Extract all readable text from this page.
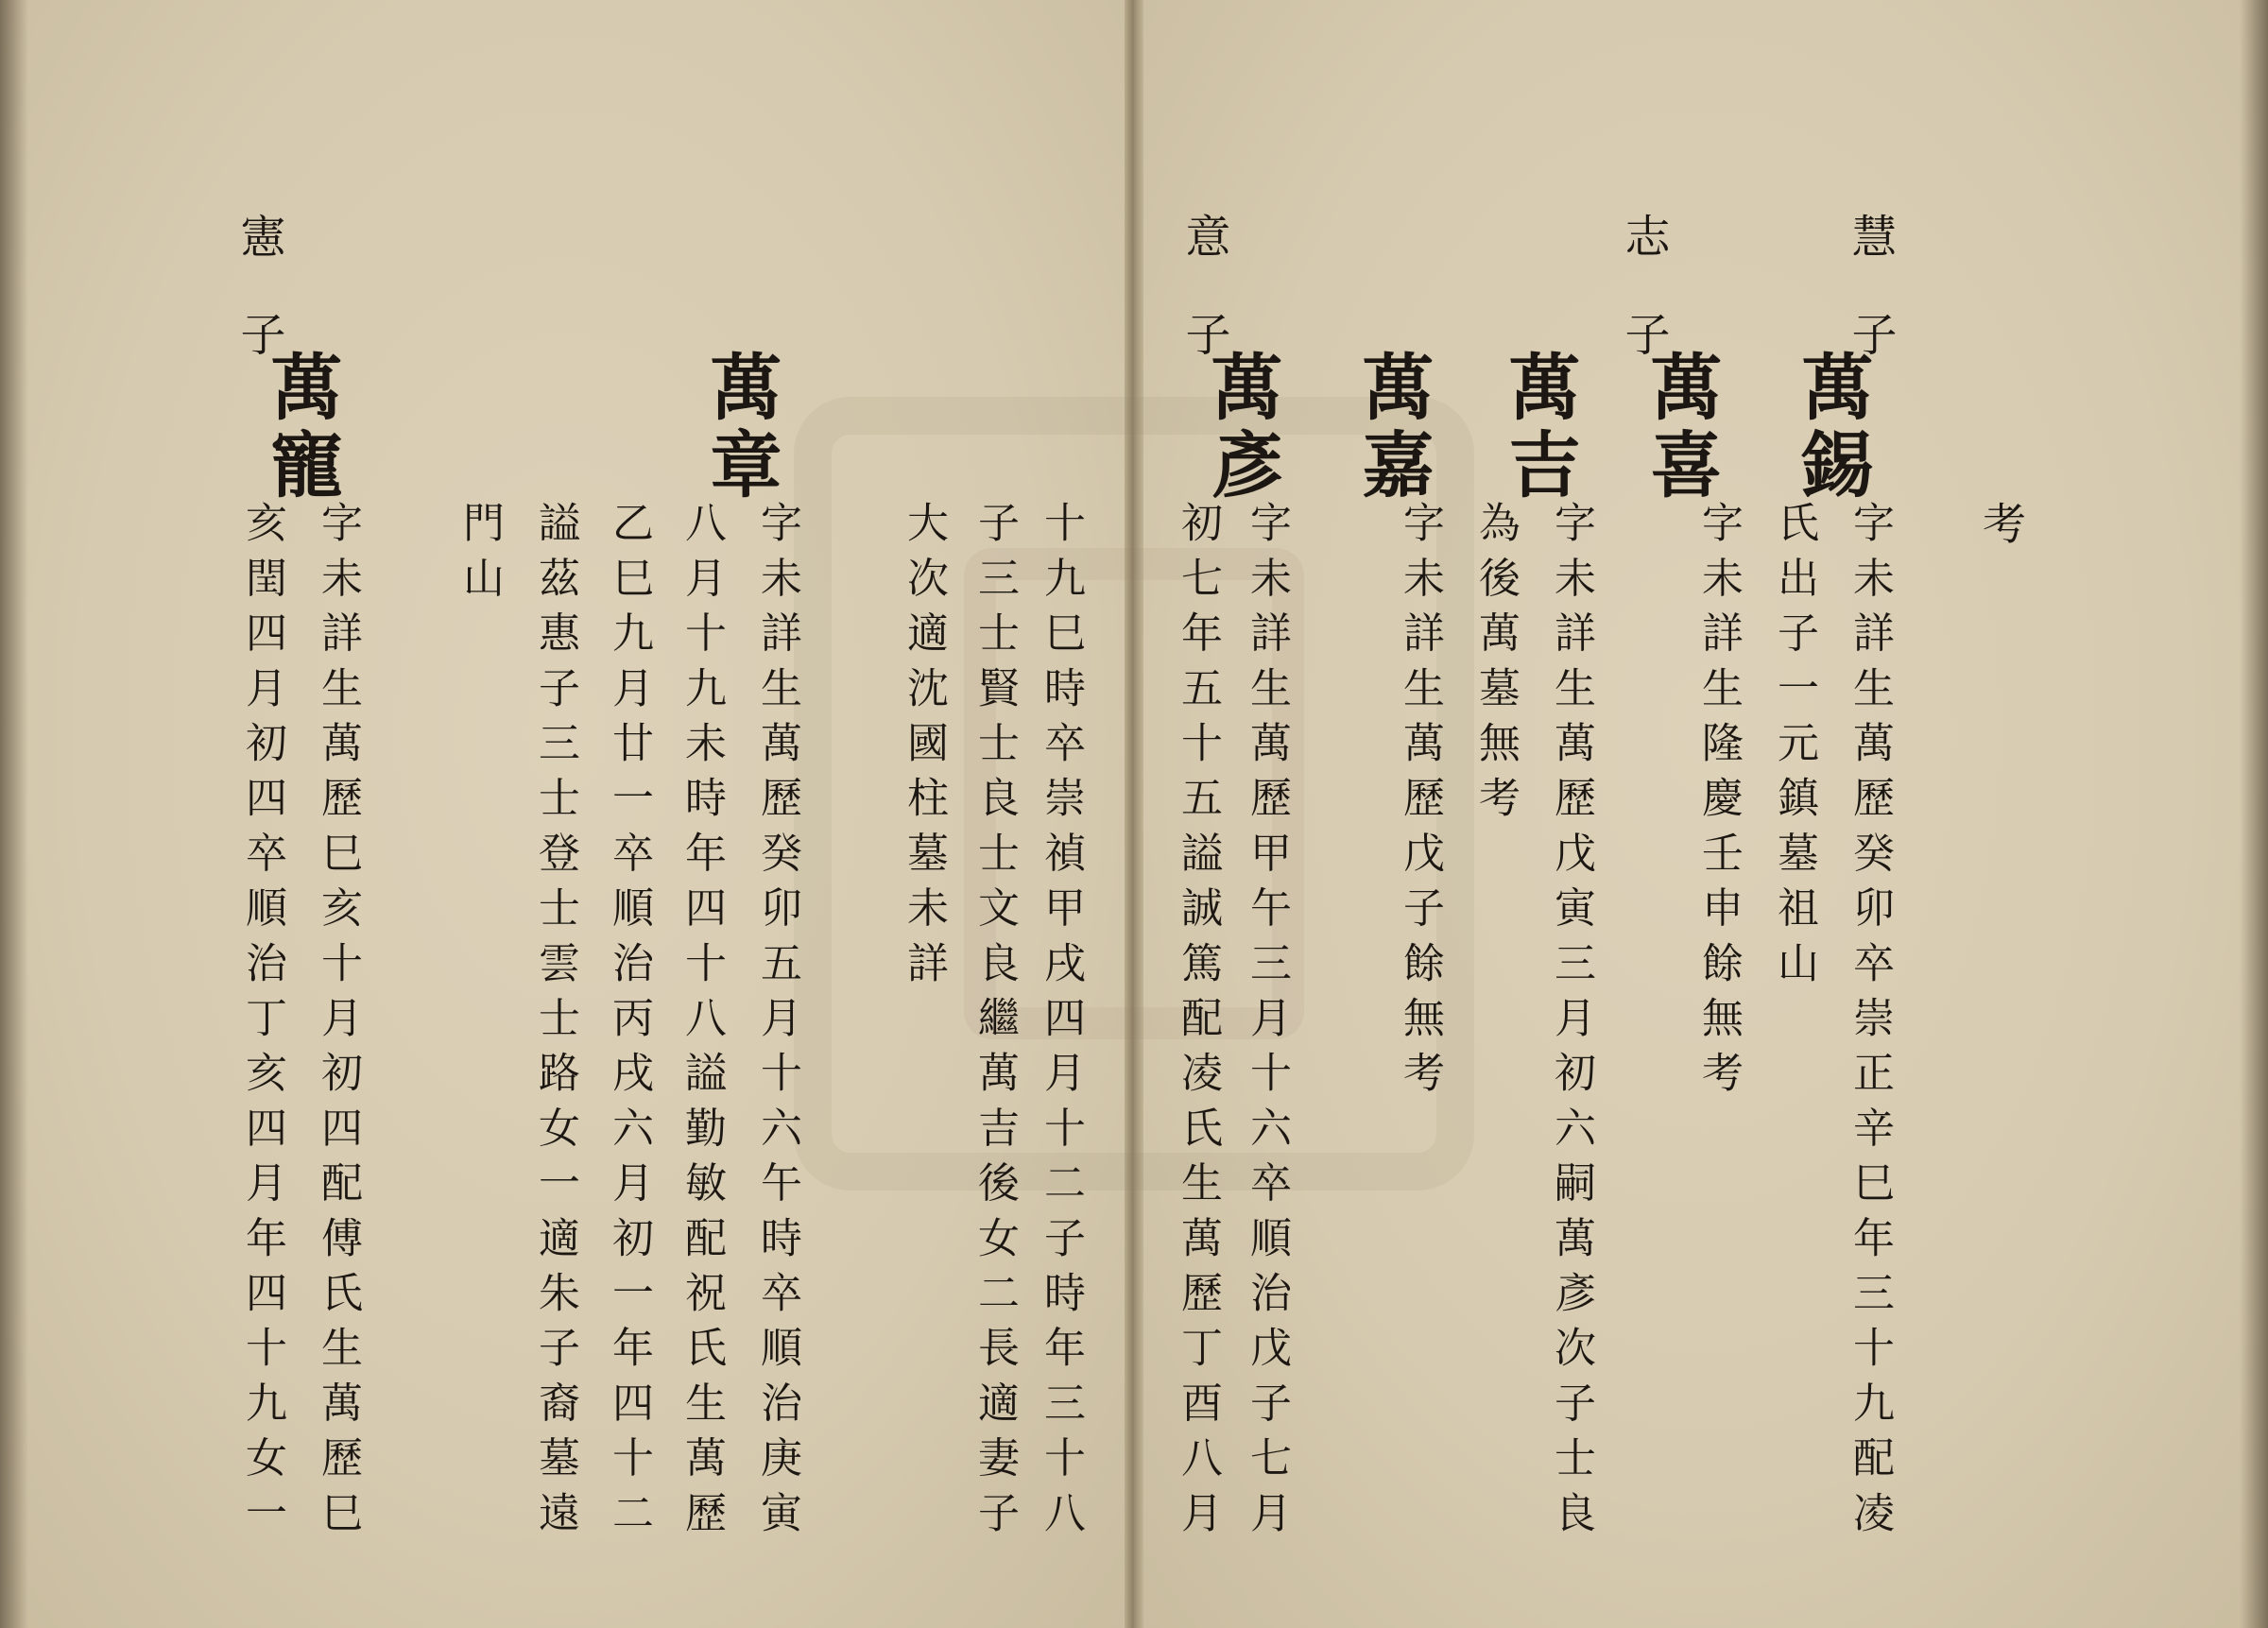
慧子
志子
意子
考
萬錫
字未詳生萬歷癸卯卒崇正辛巳年三十九配凌
氏出子一元鎮墓祖山
萬喜
字未詳生隆慶壬申餘無考
萬吉
字未詳生萬歷戊寅三月初六嗣萬彥次子士良
為後萬墓無考
萬嘉
字未詳生萬歷戊子餘無考
萬彥
字未詳生萬歷甲午三月十六卒順治戊子七月
初七年五十五謚誠篤配凌氏生萬歷丁酉八月
憲子
十九巳時卒崇禎甲戌四月十二子時年三十八
子三士賢士良士文良繼萬吉後女二長適妻子
大次適沈國柱墓未詳
萬章
字未詳生萬歷癸卯五月十六午時卒順治庚寅
八月十九未時年四十八謚勤敏配祝氏生萬歷
乙巳九月廿一卒順治丙戌六月初一年四十二
謚茲惠子三士登士雲士路女一適朱子裔墓遠
門山
萬寵
字未詳生萬歷巳亥十月初四配傅氏生萬歷巳
亥閏四月初四卒順治丁亥四月年四十九女一
